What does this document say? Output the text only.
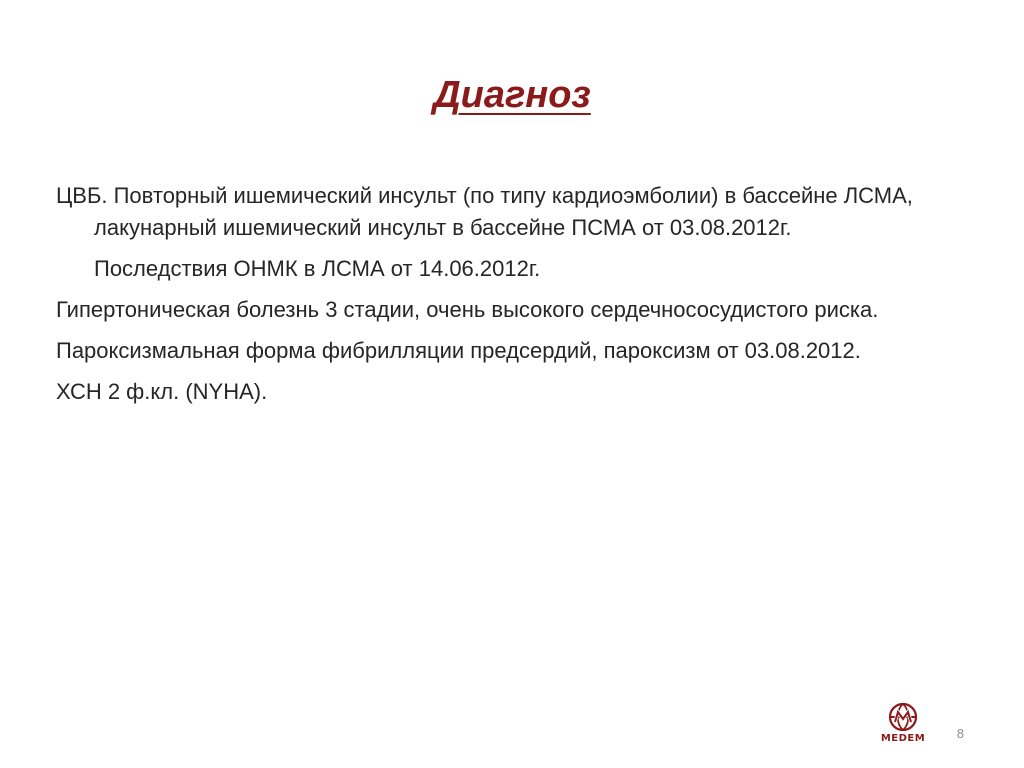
Диагноз

ЦВБ. Повторный ишемический инсульт (по типу кардиоэмболии) в бассейне ЛСМА, лакунарный ишемический инсульт в бассейне ПСМА от 03.08.2012г.

Последствия ОНМК в ЛСМА от 14.06.2012г.

Гипертоническая болезнь 3 стадии, очень высокого сердечнососудистого риска.

Пароксизмальная форма фибрилляции предсердий, пароксизм от 03.08.2012.

ХСН 2 ф.кл. (NYHA).

MEDEM	8
